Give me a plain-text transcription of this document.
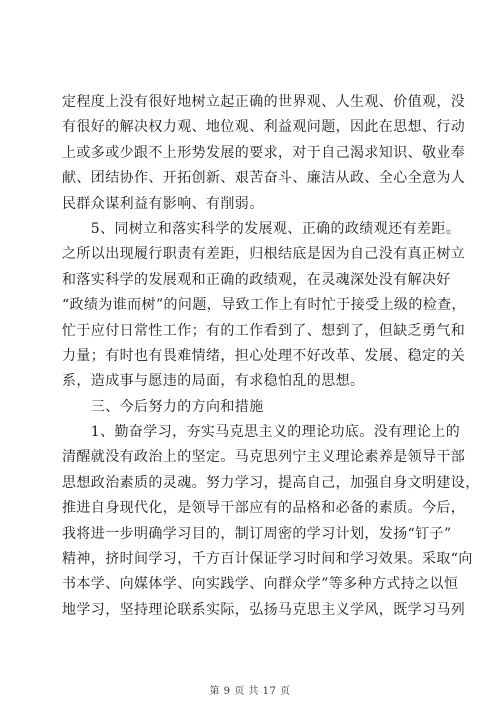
定程度上没有很好地树立起正确的世界观、人生观、价值观，没
有很好的解决权力观、地位观、利益观问题，因此在思想、行动
上或多或少跟不上形势发展的要求，对于自己渴求知识、敬业奉
献、团结协作、开拓创新、艰苦奋斗、廉洁从政、全心全意为人
民群众谋利益有影响、有削弱。
　　5、同树立和落实科学的发展观、正确的政绩观还有差距。
之所以出现履行职责有差距，归根结底是因为自己没有真正树立
和落实科学的发展观和正确的政绩观，在灵魂深处没有解决好
“政绩为谁而树”的问题，导致工作上有时忙于接受上级的检查，
忙于应付日常性工作；有的工作看到了、想到了，但缺乏勇气和
力量；有时也有畏难情绪，担心处理不好改革、发展、稳定的关
系，造成事与愿违的局面，有求稳怕乱的思想。
　　三、今后努力的方向和措施
　　1、勤奋学习，夯实马克思主义的理论功底。没有理论上的
清醒就没有政治上的坚定。马克思列宁主义理论素养是领导干部
思想政治素质的灵魂。努力学习，提高自己，加强自身文明建设，
推进自身现代化，是领导干部应有的品格和必备的素质。今后，
我将进一步明确学习目的，制订周密的学习计划，发扬“钉子”
精神，挤时间学习，千方百计保证学习时间和学习效果。采取“向
书本学、向媒体学、向实践学、向群众学”等多种方式持之以恒
地学习，坚持理论联系实际，弘扬马克思主义学风，既学习马列
第 9 页 共 17 页
